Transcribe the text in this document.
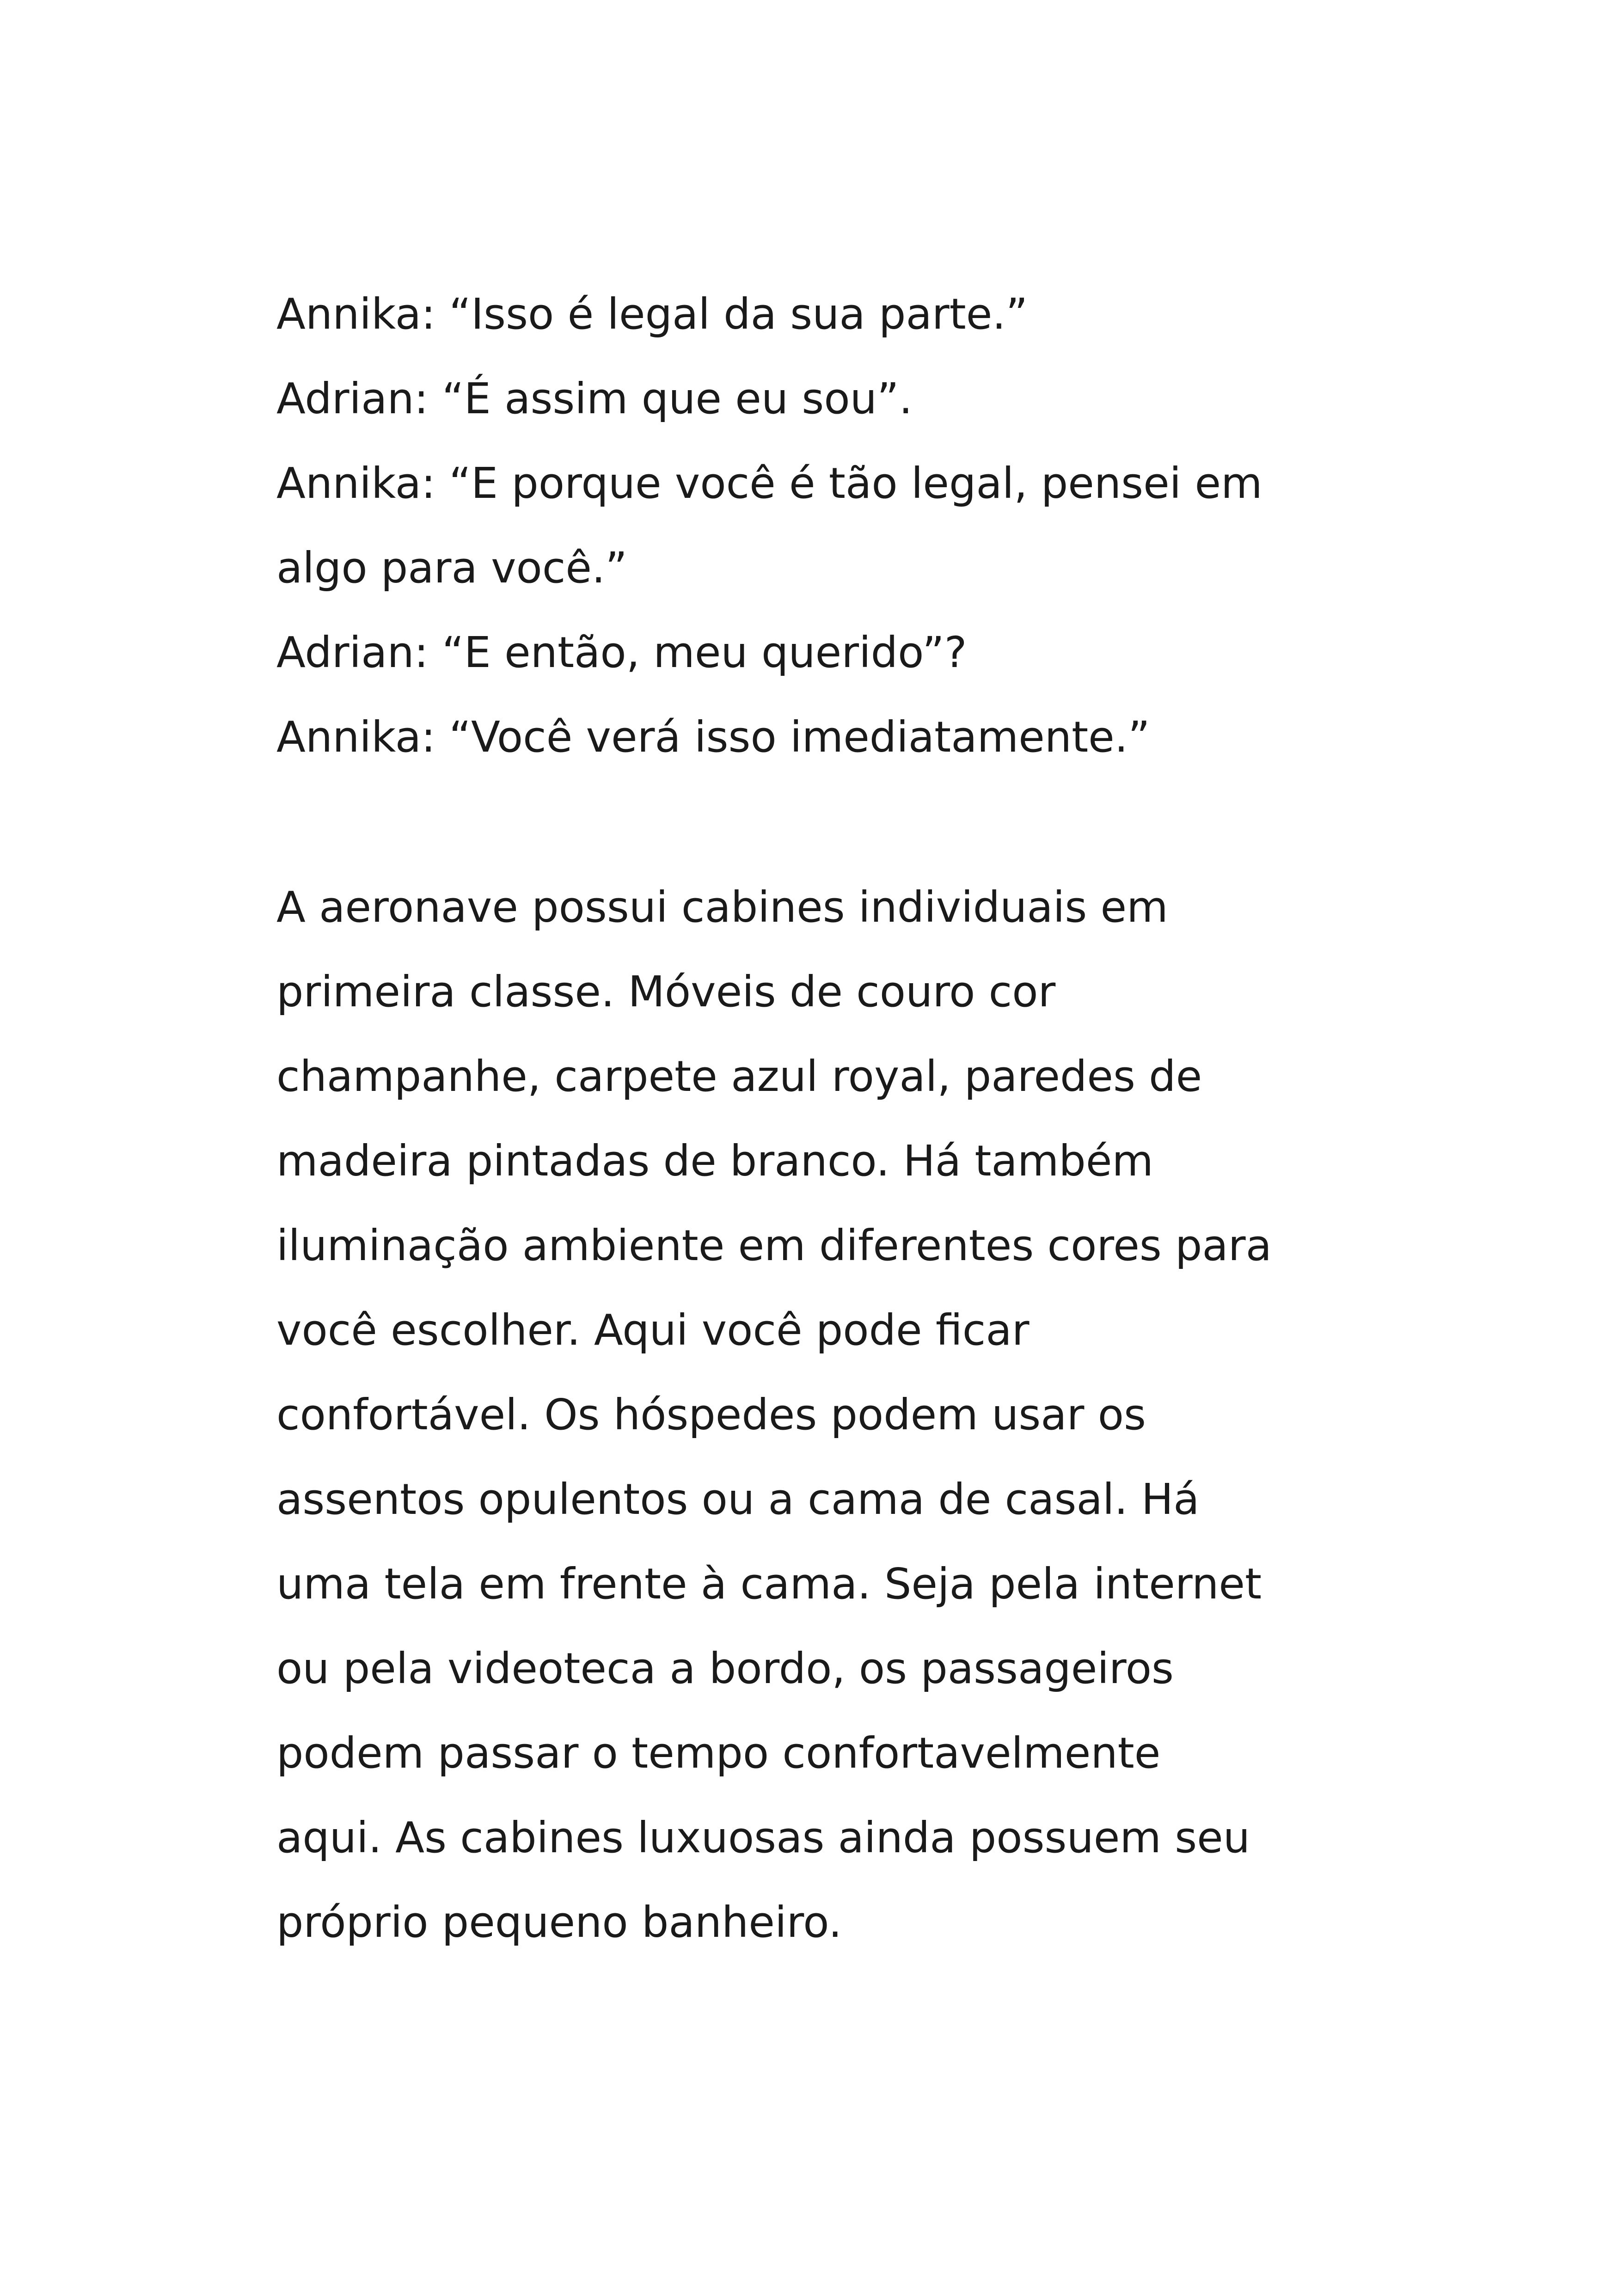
Annika: “Isso é legal da sua parte.”
Adrian: “É assim que eu sou”.
Annika: “E porque você é tão legal, pensei em
algo para você.”
Adrian: “E então, meu querido”?
Annika: “Você verá isso imediatamente.”
A aeronave possui cabines individuais em
primeira classe. Móveis de couro cor
champanhe, carpete azul royal, paredes de
madeira pintadas de branco. Há também
iluminação ambiente em diferentes cores para
você escolher. Aqui você pode ficar
confortável. Os hóspedes podem usar os
assentos opulentos ou a cama de casal. Há
uma tela em frente à cama. Seja pela internet
ou pela videoteca a bordo, os passageiros
podem passar o tempo confortavelmente
aqui. As cabines luxuosas ainda possuem seu
próprio pequeno banheiro.
